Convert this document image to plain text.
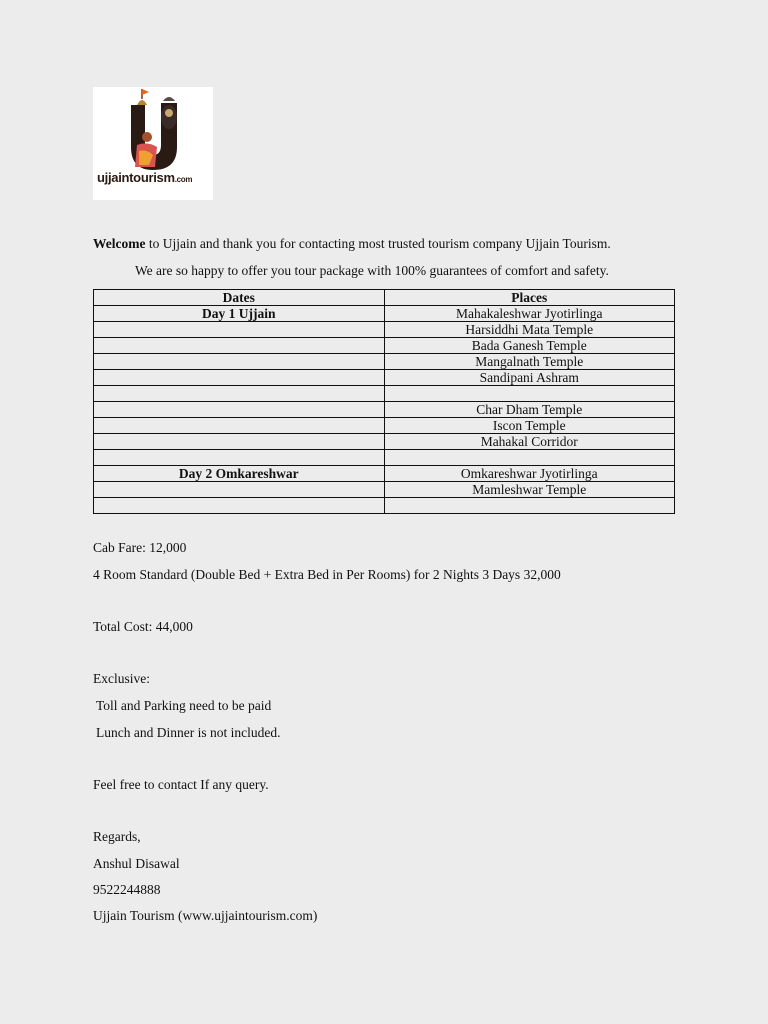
ujjaintourism.com
Welcome to Ujjain and thank you for contacting most trusted tourism company Ujjain Tourism.
We are so happy to offer you tour package with 100% guarantees of comfort and safety.
Dates	Places
Day 1 Ujjain	Mahakaleshwar Jyotirlinga
	Harsiddhi Mata Temple
	Bada Ganesh Temple
	Mangalnath Temple
	Sandipani Ashram

	Char Dham Temple
	Iscon Temple
	Mahakal Corridor

Day 2 Omkareshwar	Omkareshwar Jyotirlinga
	Mamleshwar Temple

Cab Fare: 12,000
4 Room Standard (Double Bed + Extra Bed in Per Rooms) for 2 Nights 3 Days 32,000
Total Cost: 44,000
Exclusive:
Toll and Parking need to be paid
Lunch and Dinner is not included.
Feel free to contact If any query.
Regards,
Anshul Disawal
9522244888
Ujjain Tourism (www.ujjaintourism.com)
